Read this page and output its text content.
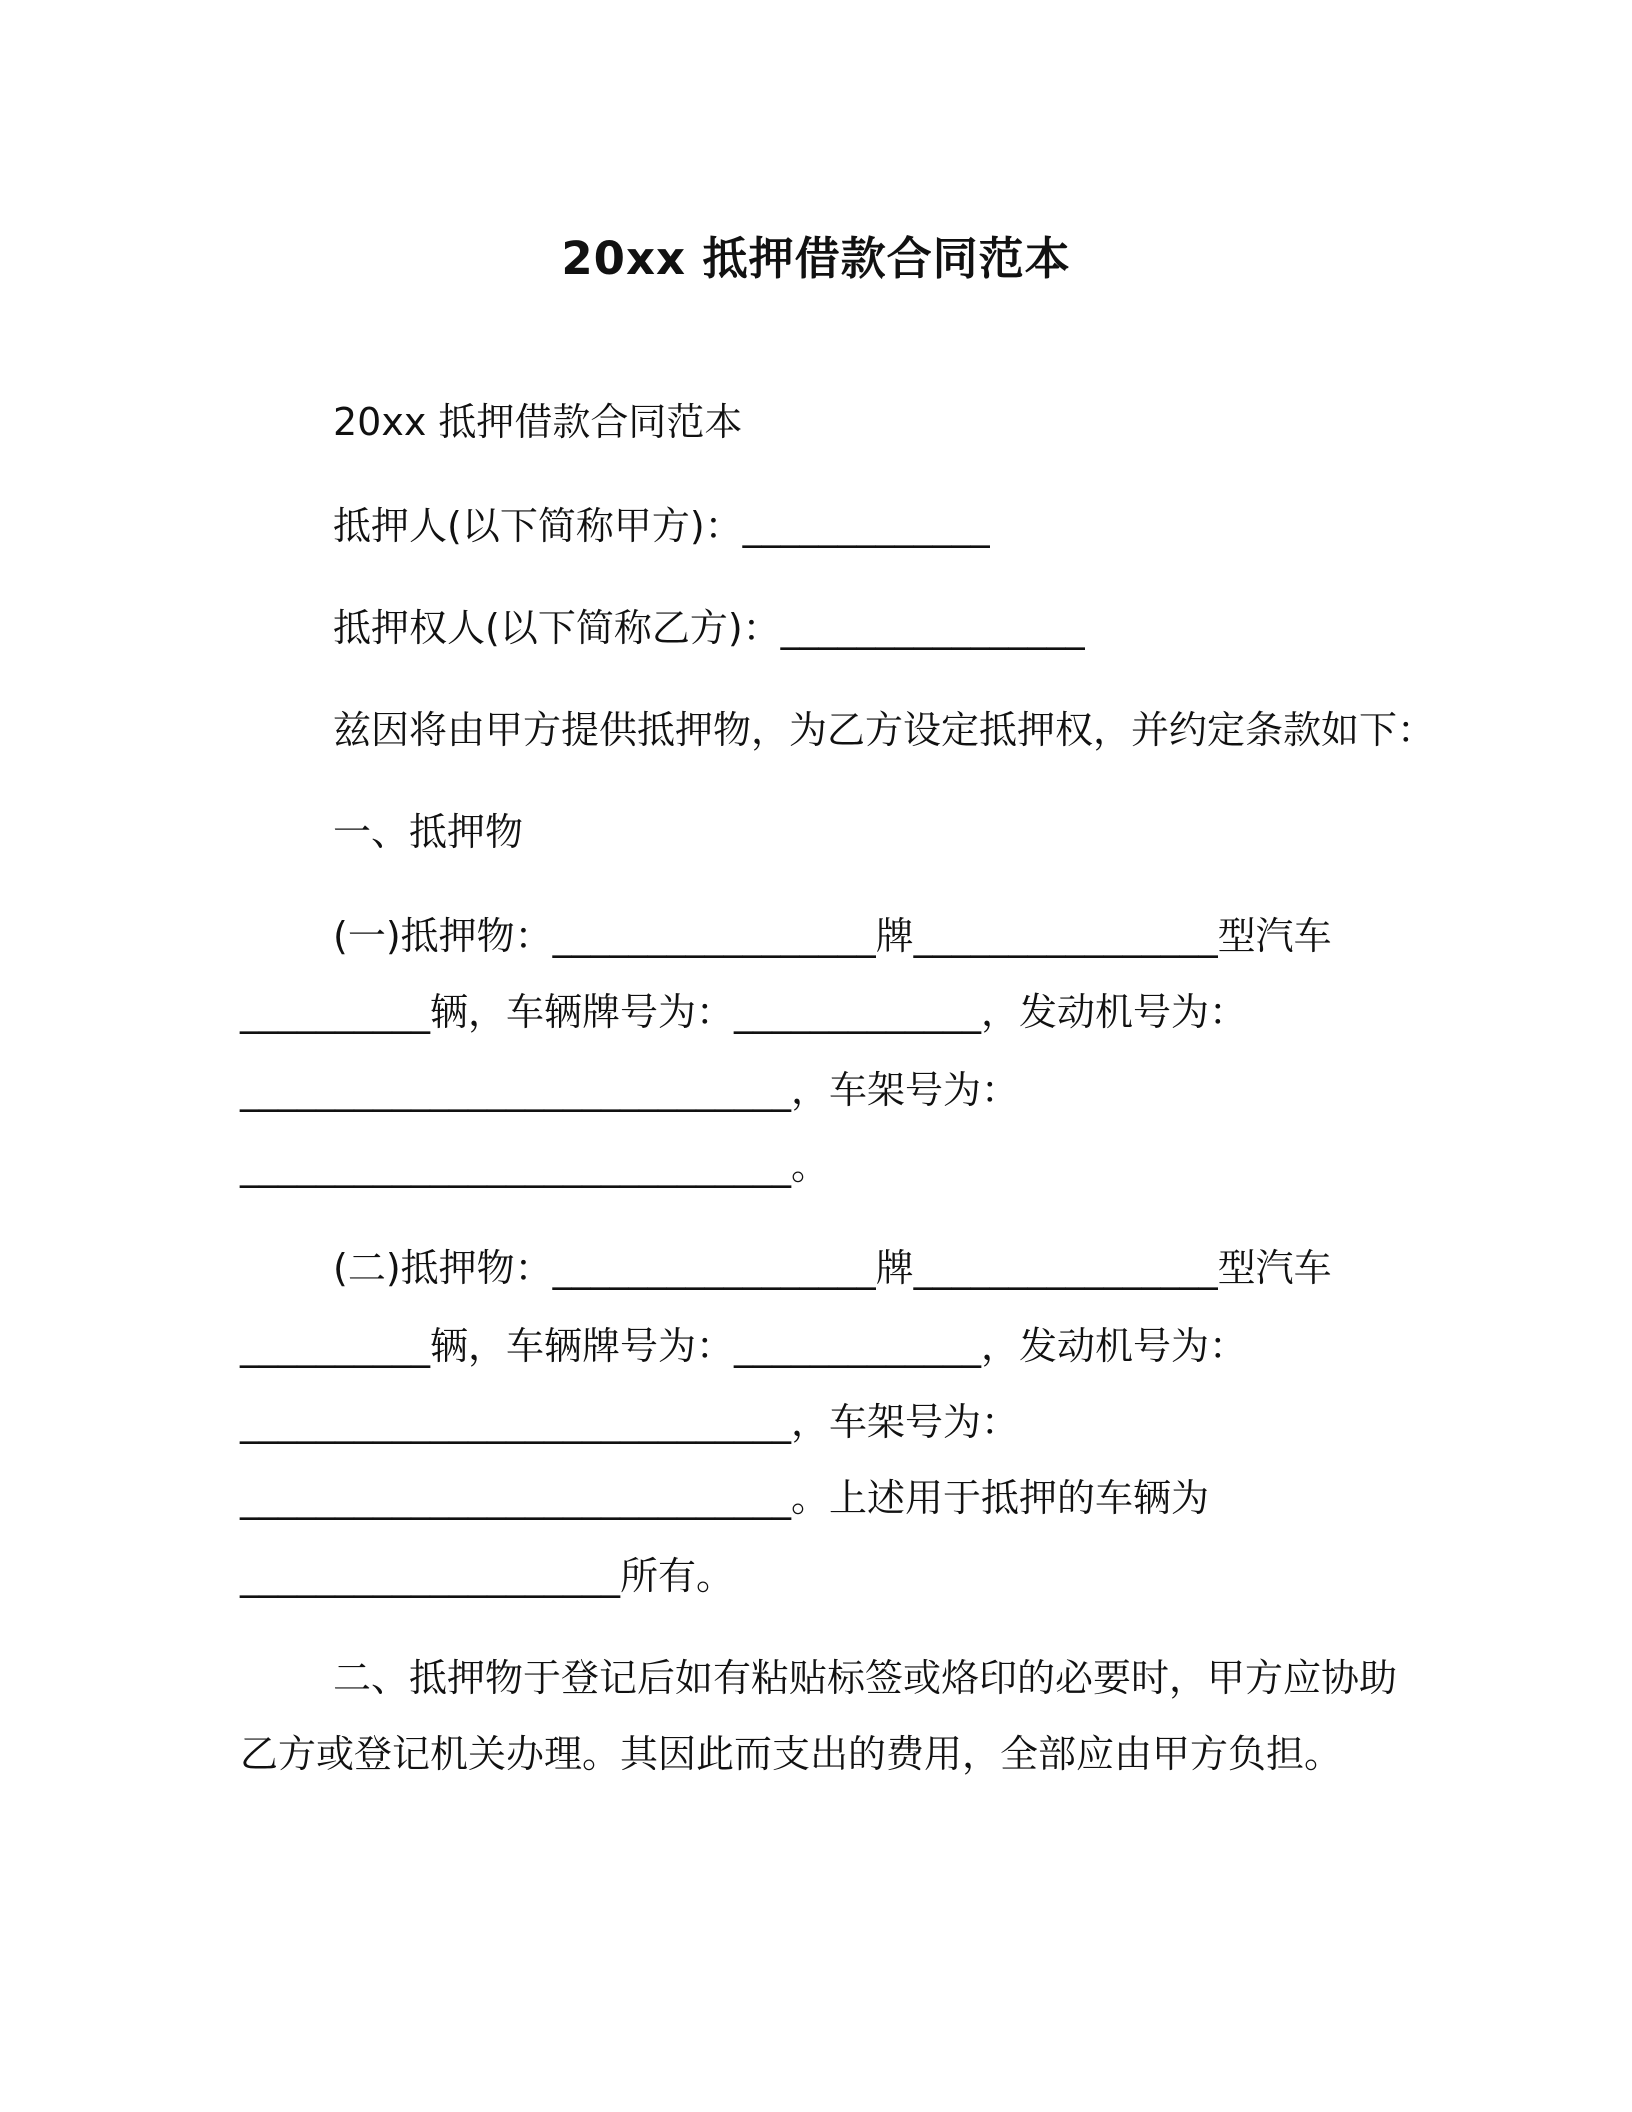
20xx 抵押借款合同范本
20xx 抵押借款合同范本
抵押人(以下简称甲方)：_____________
抵押权人(以下简称乙方)：________________
兹因将由甲方提供抵押物，为乙方设定抵押权，并约定条款如下：
一、抵押物
(一)抵押物：_________________牌________________型汽车
__________辆，车辆牌号为：_____________，发动机号为：
_____________________________，车架号为：
_____________________________。
(二)抵押物：_________________牌________________型汽车
__________辆，车辆牌号为：_____________，发动机号为：
_____________________________，车架号为：
_____________________________。上述用于抵押的车辆为
____________________所有。
二、抵押物于登记后如有粘贴标签或烙印的必要时，甲方应协助
乙方或登记机关办理。其因此而支出的费用，全部应由甲方负担。
